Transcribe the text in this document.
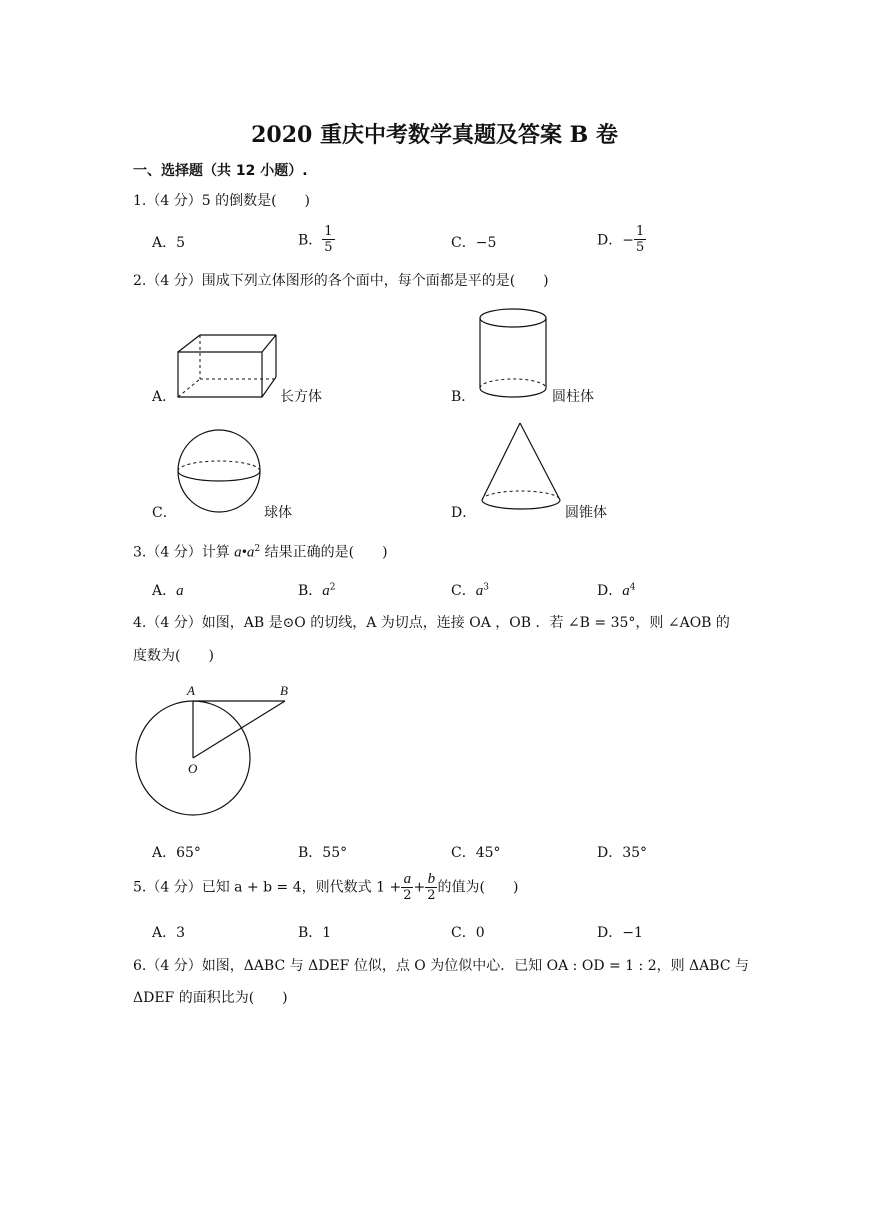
2020 重庆中考数学真题及答案 B 卷
一、选择题（共 12 小题）.
1.（4 分）5 的倒数是(　　)
A．5	B． $\frac{1}{5}$	C．−5	D．− $\frac{1}{5}$
2.（4 分）围成下列立体图形的各个面中，每个面都是平的是(　　)
A．	长方体	B．	圆柱体
C．	球体	D．	圆锥体
3.（4 分）计算 $a•a^2$ 结果正确的是(　　)
A．a	B．$a^2$	C．$a^3$	D．$a^4$
4.（4 分）如图，AB 是⊙O 的切线，A 为切点，连接 OA ，OB ．若 ∠B = 35°，则 ∠AOB 的
度数为(　　)
A	B
O
A．65°	B．55°	C．45°	D．35°
5.（4 分）已知 a + b = 4，则代数式 $1 + \frac{a}{2} + \frac{b}{2}$ 的值为(　　)
A．3	B．1	C．0	D．−1
6.（4 分）如图，ΔABC 与 ΔDEF 位似，点 O 为位似中心．已知 OA : OD = 1 : 2，则 ΔABC 与
ΔDEF 的面积比为(　　)
